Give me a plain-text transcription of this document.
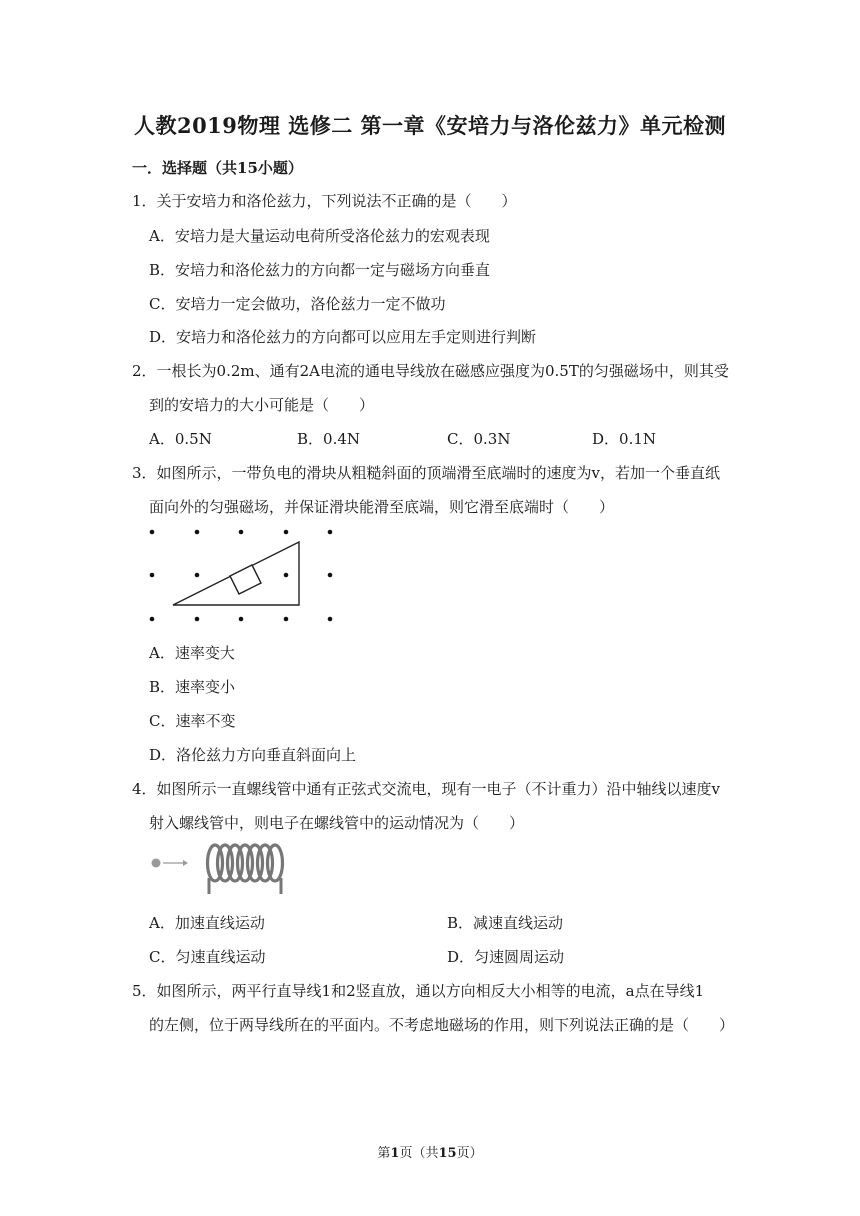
人教2019物理 选修二 第一章《安培力与洛伦兹力》单元检测
一．选择题（共15小题）
1．关于安培力和洛伦兹力，下列说法不正确的是（　　）
A．安培力是大量运动电荷所受洛伦兹力的宏观表现
B．安培力和洛伦兹力的方向都一定与磁场方向垂直
C．安培力一定会做功，洛伦兹力一定不做功
D．安培力和洛伦兹力的方向都可以应用左手定则进行判断
2．一根长为0.2m、通有2A电流的通电导线放在磁感应强度为0.5T的匀强磁场中，则其受
到的安培力的大小可能是（　　）
A．0.5N	B．0.4N	C．0.3N	D．0.1N
3．如图所示，一带负电的滑块从粗糙斜面的顶端滑至底端时的速度为v，若加一个垂直纸
面向外的匀强磁场，并保证滑块能滑至底端，则它滑至底端时（　　）
A．速率变大
B．速率变小
C．速率不变
D．洛伦兹力方向垂直斜面向上
4．如图所示一直螺线管中通有正弦式交流电，现有一电子（不计重力）沿中轴线以速度v
射入螺线管中，则电子在螺线管中的运动情况为（　　）
A．加速直线运动	B．减速直线运动
C．匀速直线运动	D．匀速圆周运动
5．如图所示，两平行直导线1和2竖直放，通以方向相反大小相等的电流，a点在导线1
的左侧，位于两导线所在的平面内。不考虑地磁场的作用，则下列说法正确的是（　　）
第1页（共15页）
